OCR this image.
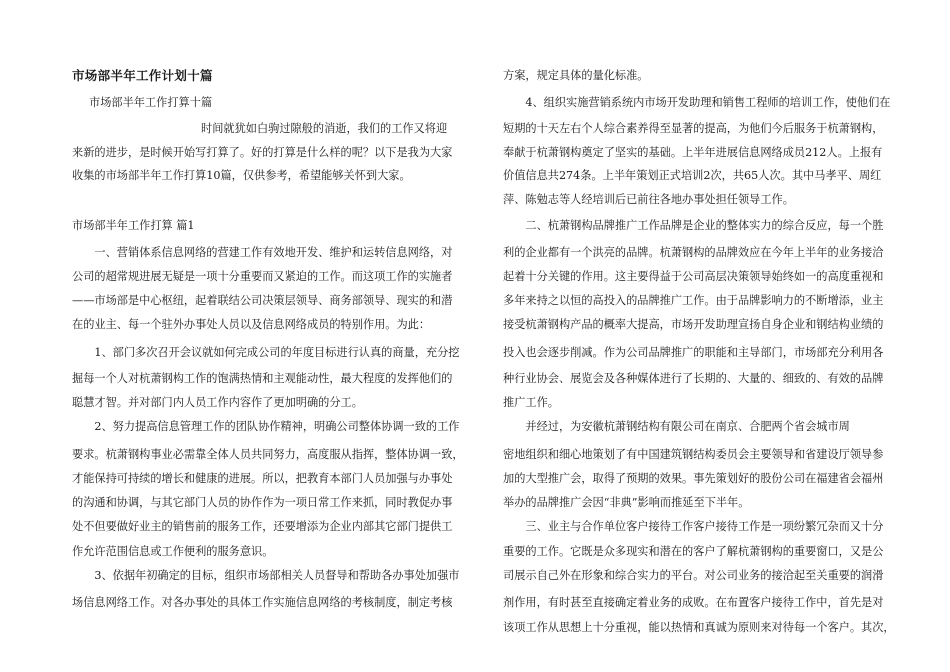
市场部半年工作计划十篇
市场部半年工作打算十篇
时间就犹如白驹过隙般的消逝，我们的工作又将迎
来新的进步，是时候开始写打算了。好的打算是什么样的呢？以下是我为大家
收集的市场部半年工作打算10篇，仅供参考，希望能够关怀到大家。
市场部半年工作打算 篇1
　　一、营销体系信息网络的营建工作有效地开发、维护和运转信息网络，对
公司的超常规进展无疑是一项十分重要而又紧迫的工作。而这项工作的实施者
——市场部是中心枢纽，起着联结公司决策层领导、商务部领导、现实的和潜
在的业主、每一个驻外办事处人员以及信息网络成员的特别作用。为此：
　　1、部门多次召开会议就如何完成公司的年度目标进行认真的商量，充分挖
掘每一个人对杭萧钢构工作的饱满热情和主观能动性，最大程度的发挥他们的
聪慧才智。并对部门内人员工作内容作了更加明确的分工。
　　2、努力提高信息管理工作的团队协作精神，明确公司整体协调一致的工作
要求。杭萧钢构事业必需靠全体人员共同努力，高度服从指挥，整体协调一致，
才能保持可持续的增长和健康的进展。所以，把教育本部门人员加强与办事处
的沟通和协调，与其它部门人员的协作作为一项日常工作来抓，同时教促办事
处不但要做好业主的销售前的服务工作，还要增添为企业内部其它部门提供工
作允许范围信息或工作便利的服务意识。
　　3、依据年初确定的目标，组织市场部相关人员督导和帮助各办事处加强市
场信息网络工作。对各办事处的具体工作实施信息网络的考核制度，制定考核
方案，规定具体的量化标准。
　　4、组织实施营销系统内市场开发助理和销售工程师的培训工作，使他们在
短期的十天左右个人综合素养得至显著的提高，为他们今后服务于杭萧钢构，
奉献于杭萧钢构奠定了坚实的基础。上半年进展信息网络成员212人。上报有
价值信息共274条。上半年策划正式培训2次，共65人次。其中马孝平、周红
萍、陈勉志等人经培训后已前往各地办事处担任领导工作。
　　二、杭萧钢构品牌推广工作品牌是企业的整体实力的综合反应，每一个胜
利的企业都有一个洪亮的品牌。杭萧钢构的品牌效应在今年上半年的业务接洽
起着十分关键的作用。这主要得益于公司高层决策领导始终如一的高度重视和
多年来持之以恒的高投入的品牌推广工作。由于品牌影响力的不断增添，业主
接受杭萧钢构产品的概率大提高，市场开发助理宣扬自身企业和钢结构业绩的
投入也会逐步削减。作为公司品牌推广的职能和主导部门，市场部充分利用各
种行业协会、展览会及各种媒体进行了长期的、大量的、细致的、有效的品牌
推广工作。
　　并经过，为安徽杭萧钢结构有限公司在南京、合肥两个省会城市周
密地组织和细心地策划了有中国建筑钢结构委员会主要领导和省建设厅领导参
加的大型推广会，取得了预期的效果。事先策划好的股份公司在福建省会福州
举办的品牌推广会因“非典”影响而推延至下半年。
　　三、业主与合作单位客户接待工作客户接待工作是一项纷繁冗杂而又十分
重要的工作。它既是众多现实和潜在的客户了解杭萧钢构的重要窗口，又是公
司展示自己外在形象和综合实力的平台。对公司业务的接洽起至关重要的润滑
剂作用，有时甚至直接确定着业务的成败。在布置客户接待工作中，首先是对
该项工作从思想上十分重视，能以热情和真诚为原则来对待每一个客户。其次，
